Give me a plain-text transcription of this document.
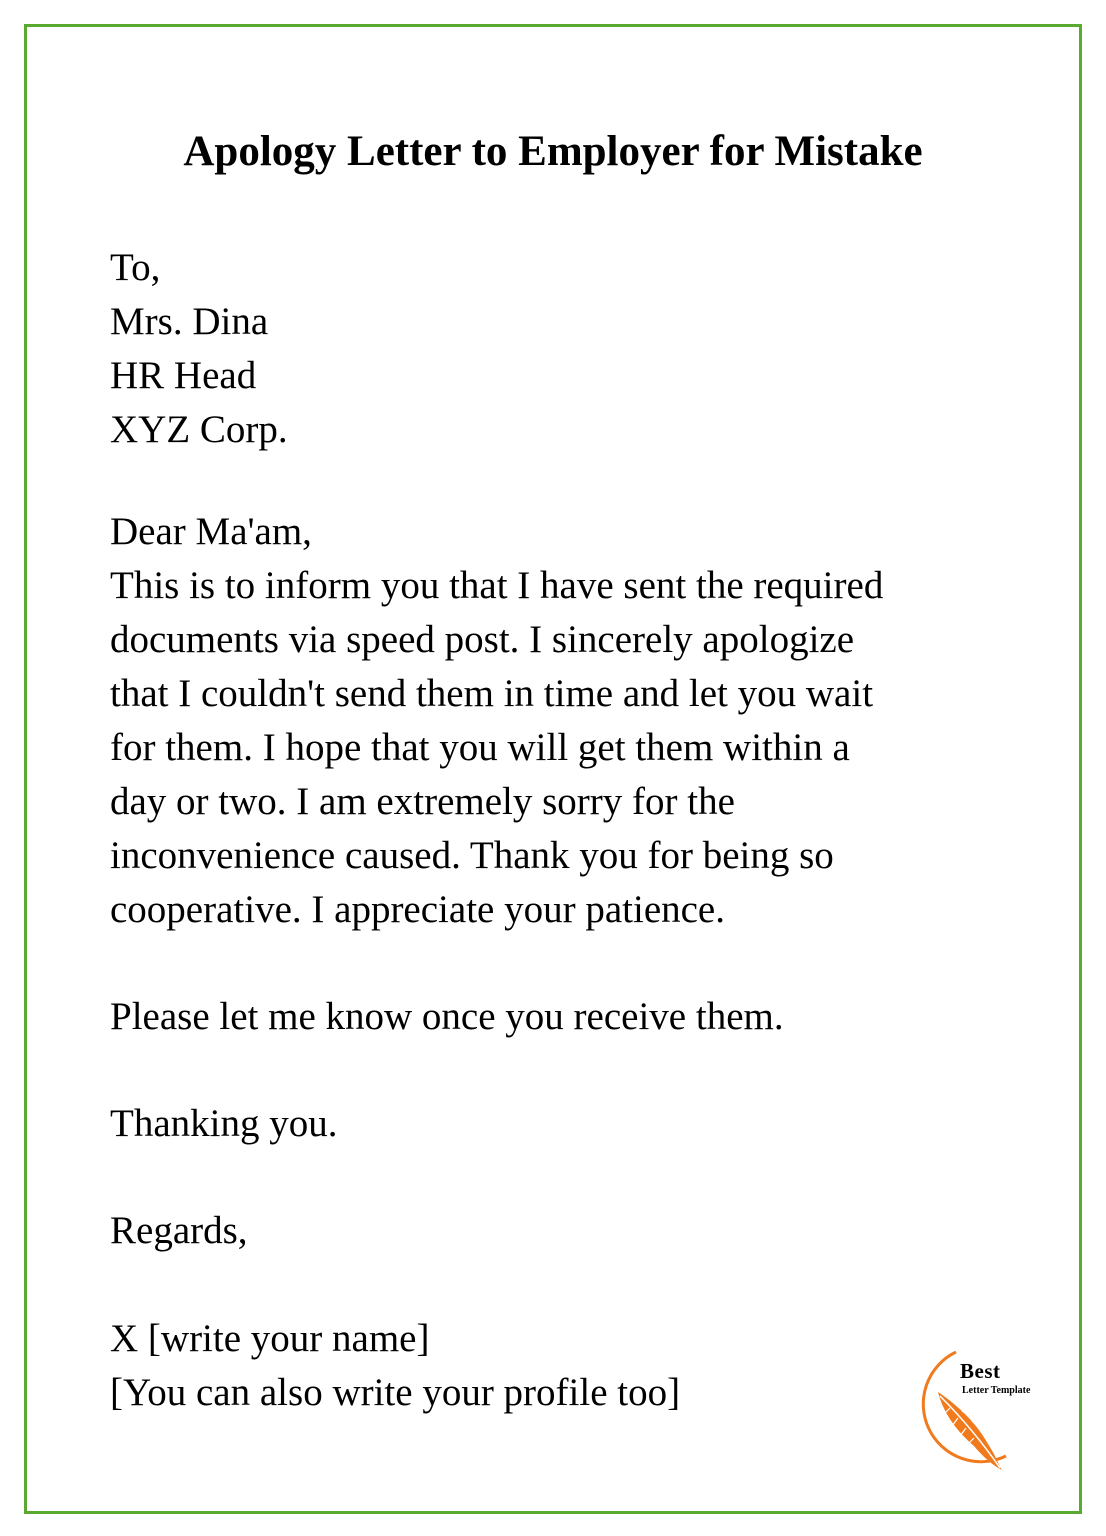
Apology Letter to Employer for Mistake
To,
Mrs. Dina
HR Head
XYZ Corp.
Dear Ma'am,
This is to inform you that I have sent the required
documents via speed post. I sincerely apologize
that I couldn't send them in time and let you wait
for them. I hope that you will get them within a
day or two. I am extremely sorry for the
inconvenience caused. Thank you for being so
cooperative. I appreciate your patience.
Please let me know once you receive them.
Thanking you.
Regards,
X [write your name]
[You can also write your profile too]	Best
Letter Template
